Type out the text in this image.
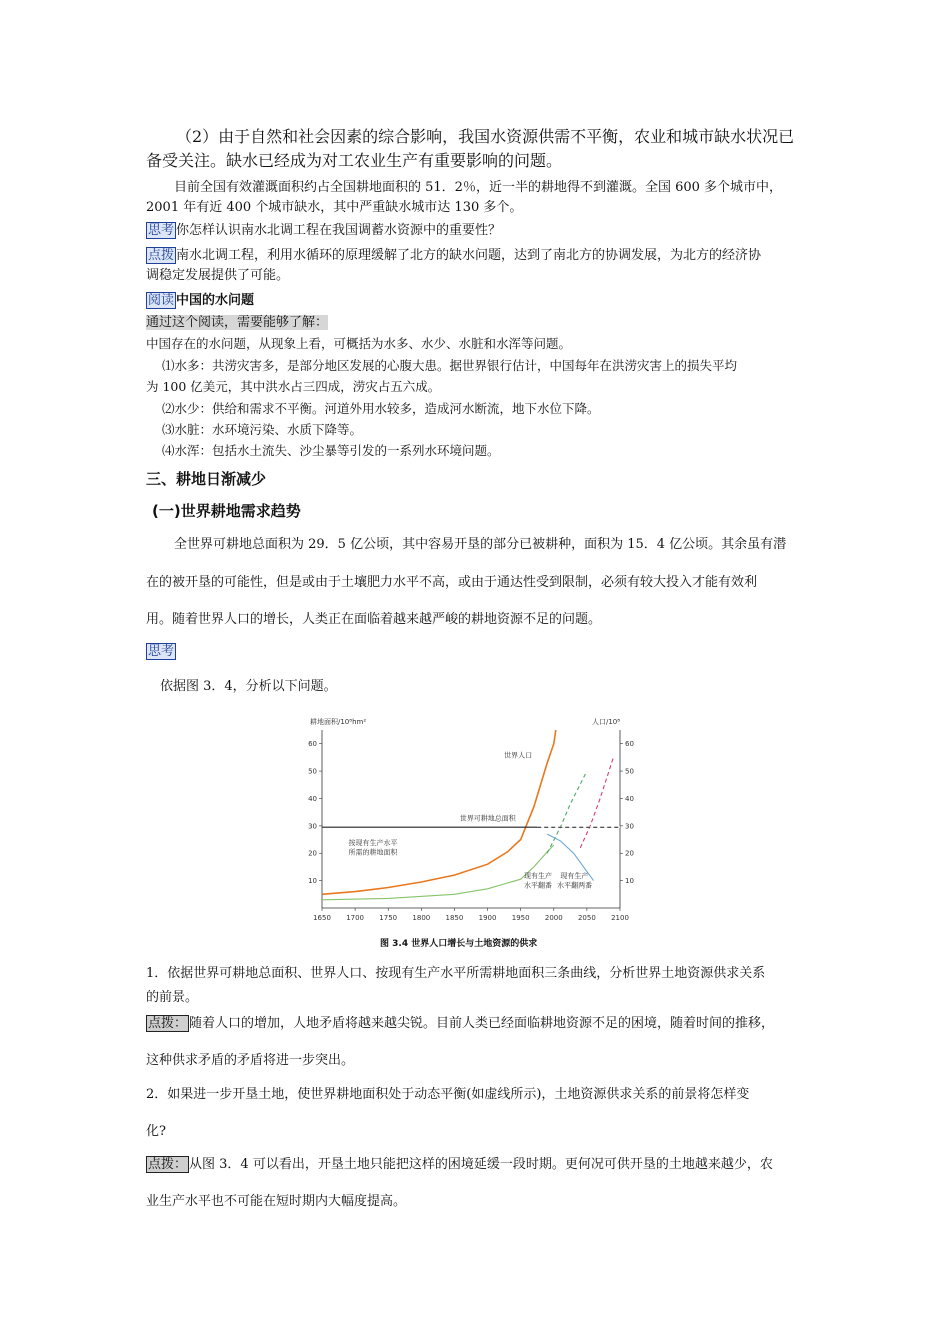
（2）由于自然和社会因素的综合影响，我国水资源供需不平衡，农业和城市缺水状况已

备受关注。缺水已经成为对工农业生产有重要影响的问题。

目前全国有效灌溉面积约占全国耕地面积的 51．2％，近一半的耕地得不到灌溉。全国 600 多个城市中，

2001 年有近 400 个城市缺水，其中严重缺水城市达 130 多个。

思考 你怎样认识南水北调工程在我国调蓄水资源中的重要性？

点拨 南水北调工程，利用水循环的原理缓解了北方的缺水问题，达到了南北方的协调发展，为北方的经济协

调稳定发展提供了可能。

阅读 中国的水问题

通过这个阅读，需要能够了解：

中国存在的水问题，从现象上看，可概括为水多、水少、水脏和水浑等问题。

⑴水多：共涝灾害多，是部分地区发展的心腹大患。据世界银行估计，中国每年在洪涝灾害上的损失平均

为 100 亿美元，其中洪水占三四成，涝灾占五六成。

⑵水少：供给和需求不平衡。河道外用水较多，造成河水断流，地下水位下降。

⑶水脏：水环境污染、水质下降等。

⑷水浑：包括水土流失、沙尘暴等引发的一系列水环境问题。

三、耕地日渐减少
(一)世界耕地需求趋势

全世界可耕地总面积为 29．5 亿公顷，其中容易开垦的部分已被耕种，面积为 15．4 亿公顷。其余虽有潜

在的被开垦的可能性，但是或由于土壤肥力水平不高，或由于通达性受到限制，必须有较大投入才能有效利

用。随着世界人口的增长，人类正在面临着越来越严峻的耕地资源不足的问题。

思考

依据图 3．4，分析以下问题。

耕地面积/10⁸hm²	人口/10⁸
10	10
20	20
30	30
40	40
50	50
60	60
1650 1700 1750 1800 1850 1900 1950 2000 2050 2100
世界人口
世界可耕地总面积
按现有生产水平
所需的耕地面积
现有生产
水平翻番
现有生产
水平翻两番
图 3.4 世界人口增长与土地资源的供求

1．依据世界可耕地总面积、世界人口、按现有生产水平所需耕地面积三条曲线，分析世界土地资源供求关系

的前景。

点拨： 随着人口的增加，人地矛盾将越来越尖锐。目前人类已经面临耕地资源不足的困境，随着时间的推移，

这种供求矛盾的矛盾将进一步突出。

2．如果进一步开垦土地，使世界耕地面积处于动态平衡(如虚线所示)，土地资源供求关系的前景将怎样变

化?

点拨： 从图 3．4 可以看出，开垦土地只能把这样的困境延缓一段时期。更何况可供开垦的土地越来越少，农

业生产水平也不可能在短时期内大幅度提高。
